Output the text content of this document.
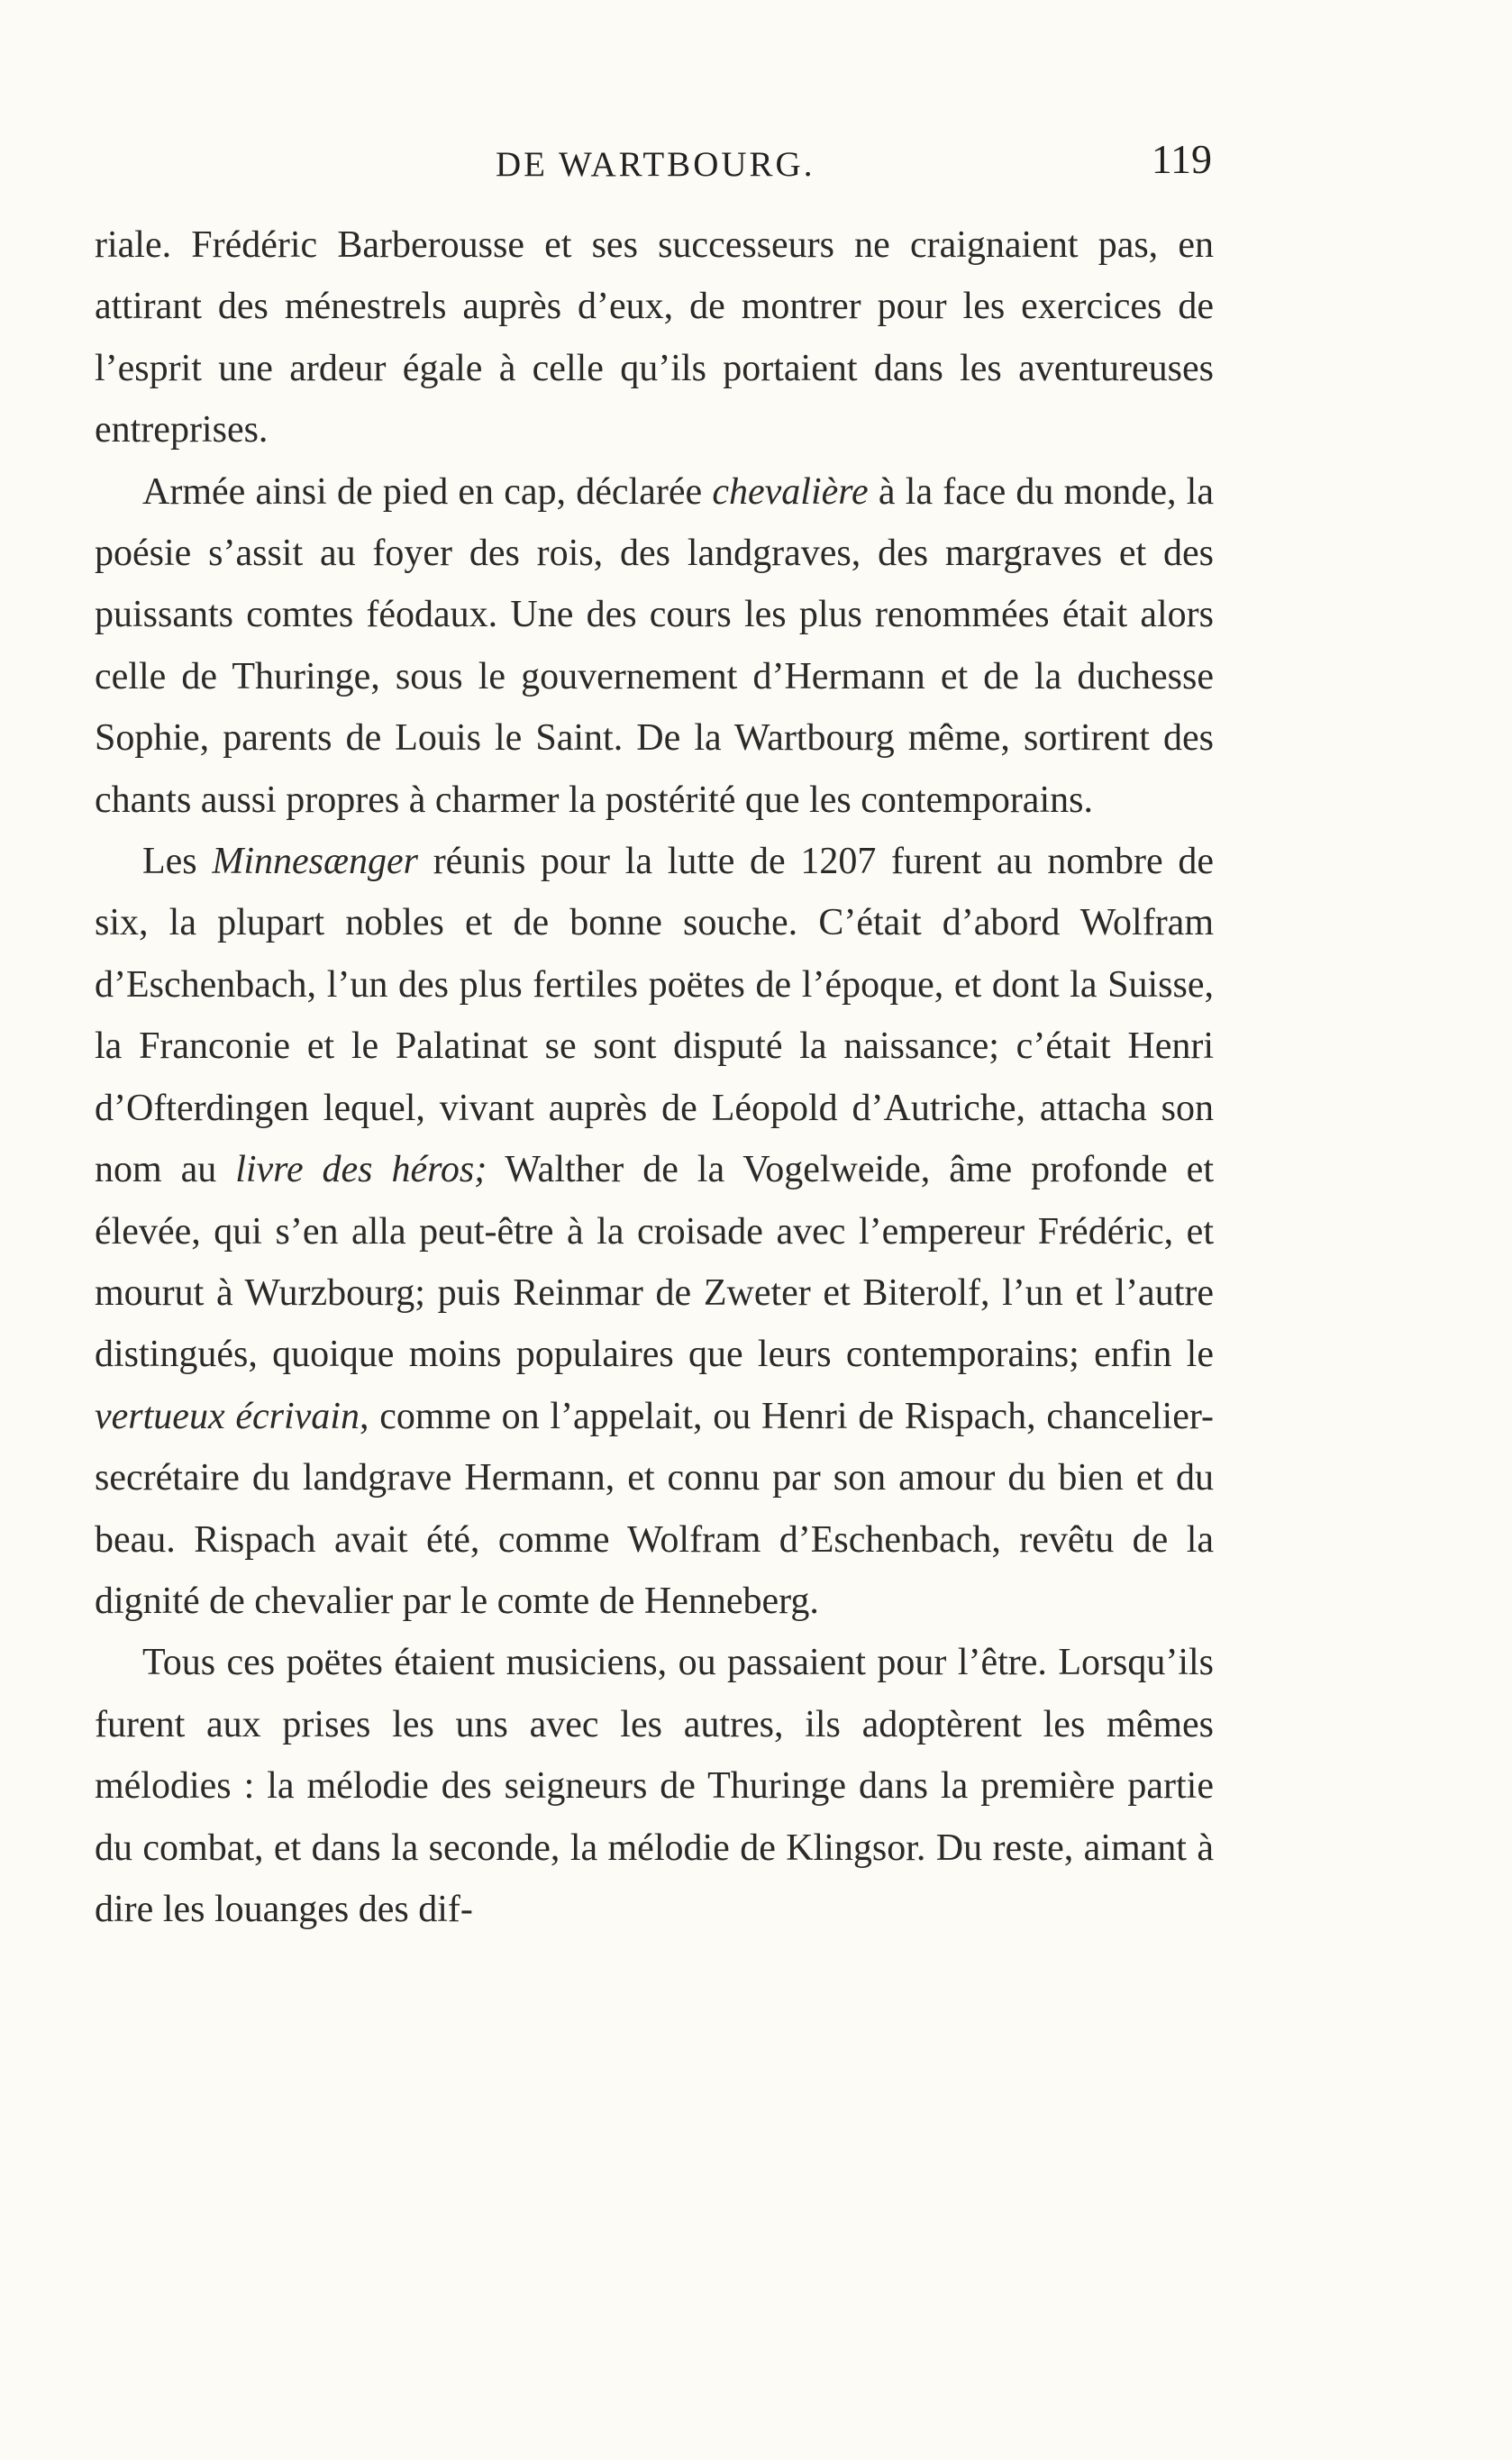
DE WARTBOURG.	119

riale. Frédéric Barberousse et ses successeurs ne craignaient pas, en attirant des ménestrels auprès d’eux, de montrer pour les exercices de l’esprit une ardeur égale à celle qu’ils portaient dans les aventureuses entreprises.

Armée ainsi de pied en cap, déclarée chevalière à la face du monde, la poésie s’assit au foyer des rois, des landgraves, des margraves et des puissants comtes féodaux. Une des cours les plus renommées était alors celle de Thuringe, sous le gouvernement d’Hermann et de la duchesse Sophie, parents de Louis le Saint. De la Wartbourg même, sortirent des chants aussi propres à charmer la postérité que les contemporains.

Les Minnesænger réunis pour la lutte de 1207 furent au nombre de six, la plupart nobles et de bonne souche. C’était d’abord Wolfram d’Eschenbach, l’un des plus fertiles poëtes de l’époque, et dont la Suisse, la Franconie et le Palatinat se sont disputé la naissance; c’était Henri d’Ofterdingen lequel, vivant auprès de Léopold d’Autriche, attacha son nom au livre des héros; Walther de la Vogelweide, âme profonde et élevée, qui s’en alla peut-être à la croisade avec l’empereur Frédéric, et mourut à Wurzbourg; puis Reinmar de Zweter et Biterolf, l’un et l’autre distingués, quoique moins populaires que leurs contemporains; enfin le vertueux écrivain, comme on l’appelait, ou Henri de Rispach, chancelier-secrétaire du landgrave Hermann, et connu par son amour du bien et du beau. Rispach avait été, comme Wolfram d’Eschenbach, revêtu de la dignité de chevalier par le comte de Henneberg.

Tous ces poëtes étaient musiciens, ou passaient pour l’être. Lorsqu’ils furent aux prises les uns avec les autres, ils adoptèrent les mêmes mélodies : la mélodie des seigneurs de Thuringe dans la première partie du combat, et dans la seconde, la mélodie de Klingsor. Du reste, aimant à dire les louanges des dif-
